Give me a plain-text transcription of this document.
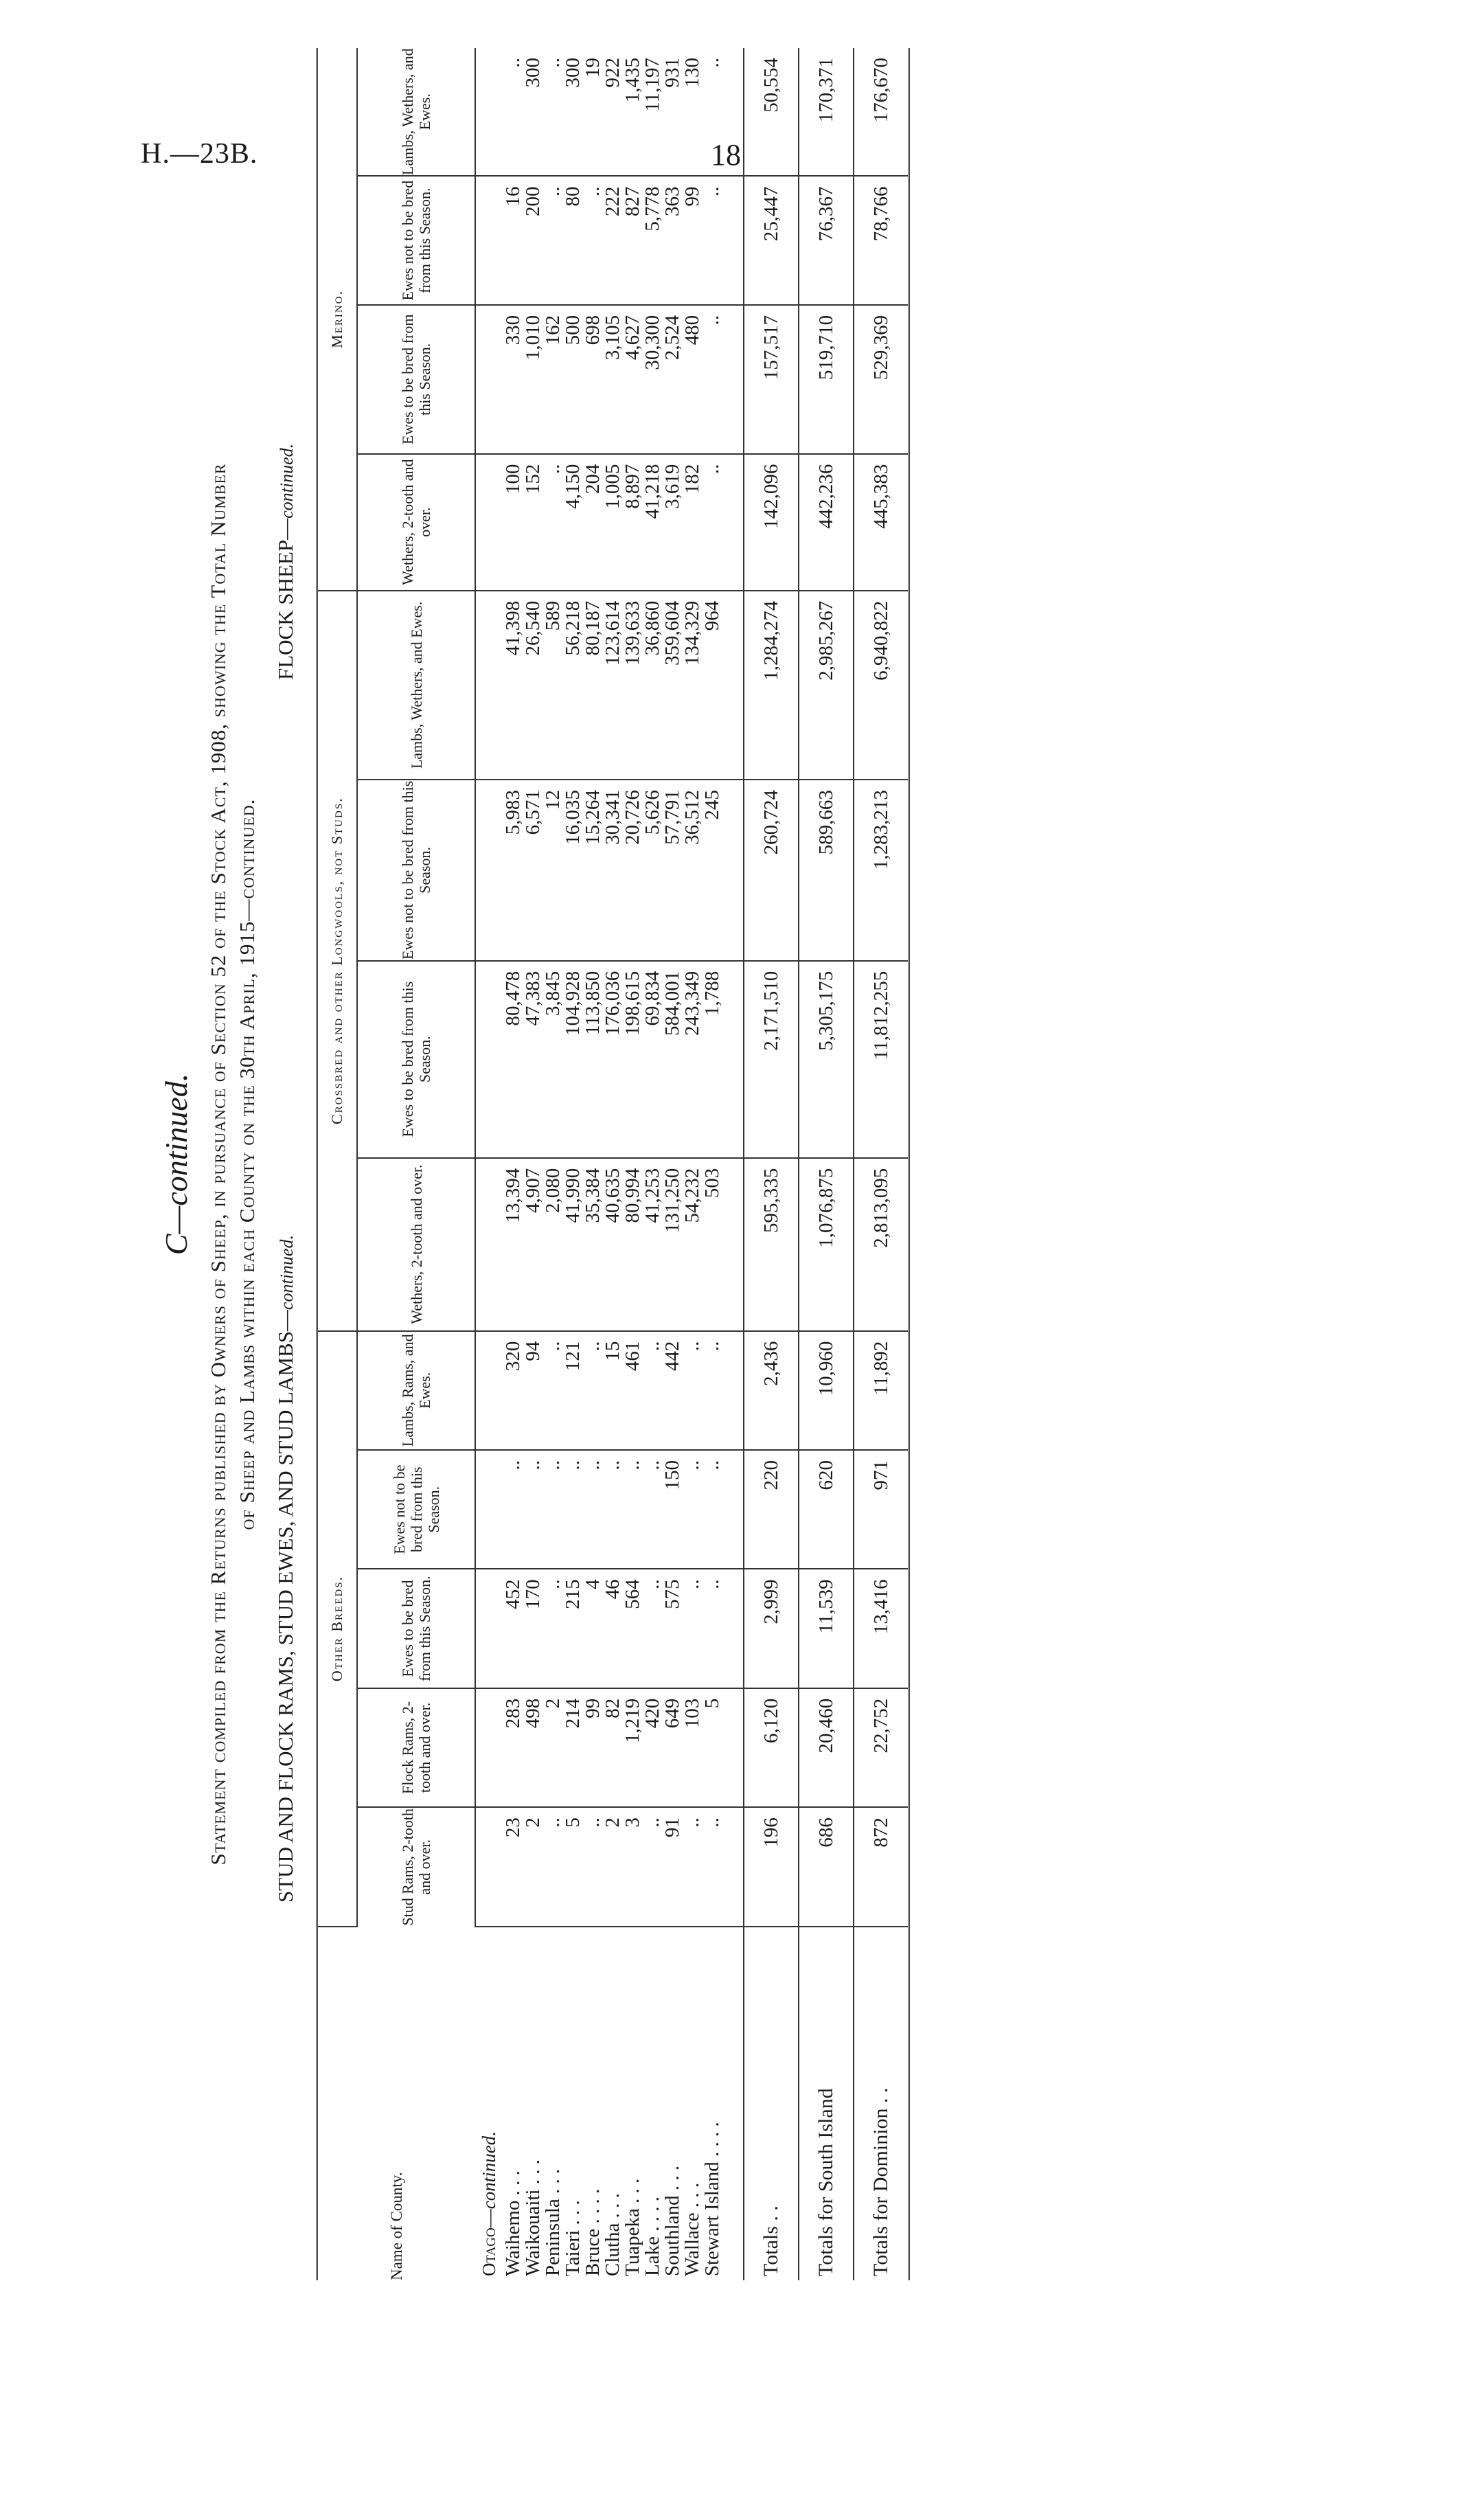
H.—23B.	18
C—continued. Statement compiled from the Returns published by Owners of Sheep, in pursuance of Section 52 of the Stock Act, 1908, showing the Total Number of Sheep and Lambs within each County on the 30th April, 1915—continued.
STUD AND FLOCK RAMS, STUD EWES, AND STUD LAMBS—continued.
FLOCK SHEEP—continued.
Name of County.	Other Breeds.					Crossbred and other Longwools, not Studs.				Merino.			
	Stud Rams, 2-tooth and over.	Flock Rams, 2-tooth and over.	Ewes to be bred from this Season.	Ewes not to be bred from this Season.	Lambs, Rams, and Ewes.	Wethers, 2-tooth and over.	Ewes to be bred from this Season.	Ewes not to be bred from this Season.	Lambs, Wethers, and Ewes.	Wethers, 2-tooth and over.	Ewes to be bred from this Season.	Ewes not to be bred from this Season.	Lambs, Wethers, and Ewes.
Otago—continued.													
Waihemo . . .	23	283	452	..	320	13,394	80,478	5,983	41,398	100	330	16	..
Waikouaiti . . .	2	498	170	..	94	4,907	47,383	6,571	26,540	152	1,010	200	300
Peninsula . . .	..	2	..	..	..	2,080	3,845	12	589	..	162	..	..
Taieri . . .	5	214	215	..	121	41,990	104,928	16,035	56,218	4,150	500	80	300
Bruce . . . .	..	99	4	..	..	35,384	113,850	15,264	80,187	204	698	..	19
Clutha . . .	2	82	46	..	15	40,635	176,036	30,341	123,614	1,005	3,105	222	922
Tuapeka . . .	3	1,219	564	..	461	80,994	198,615	20,726	139,633	8,897	4,627	827	1,435
Lake . . . .	..	420	..	..	..	41,253	69,834	5,626	36,860	41,218	30,300	5,778	11,197
Southland . . .	91	649	575	150	442	131,250	584,001	57,791	359,604	3,619	2,524	363	931
Wallace . . .	..	103	..	..	..	54,232	243,349	36,512	134,329	182	480	99	130
Stewart Island . . . .	..	5	..	..	..	503	1,788	245	964	..	..	..	..

Totals . .	196	6,120	2,999	220	2,436	595,335	2,171,510	260,724	1,284,274	142,096	157,517	25,447	50,554
Totals for South Island	686	20,460	11,539	620	10,960	1,076,875	5,305,175	589,663	2,985,267	442,236	519,710	76,367	170,371
Totals for Dominion . .	872	22,752	13,416	971	11,892	2,813,095	11,812,255	1,283,213	6,940,822	445,383	529,369	78,766	176,670
